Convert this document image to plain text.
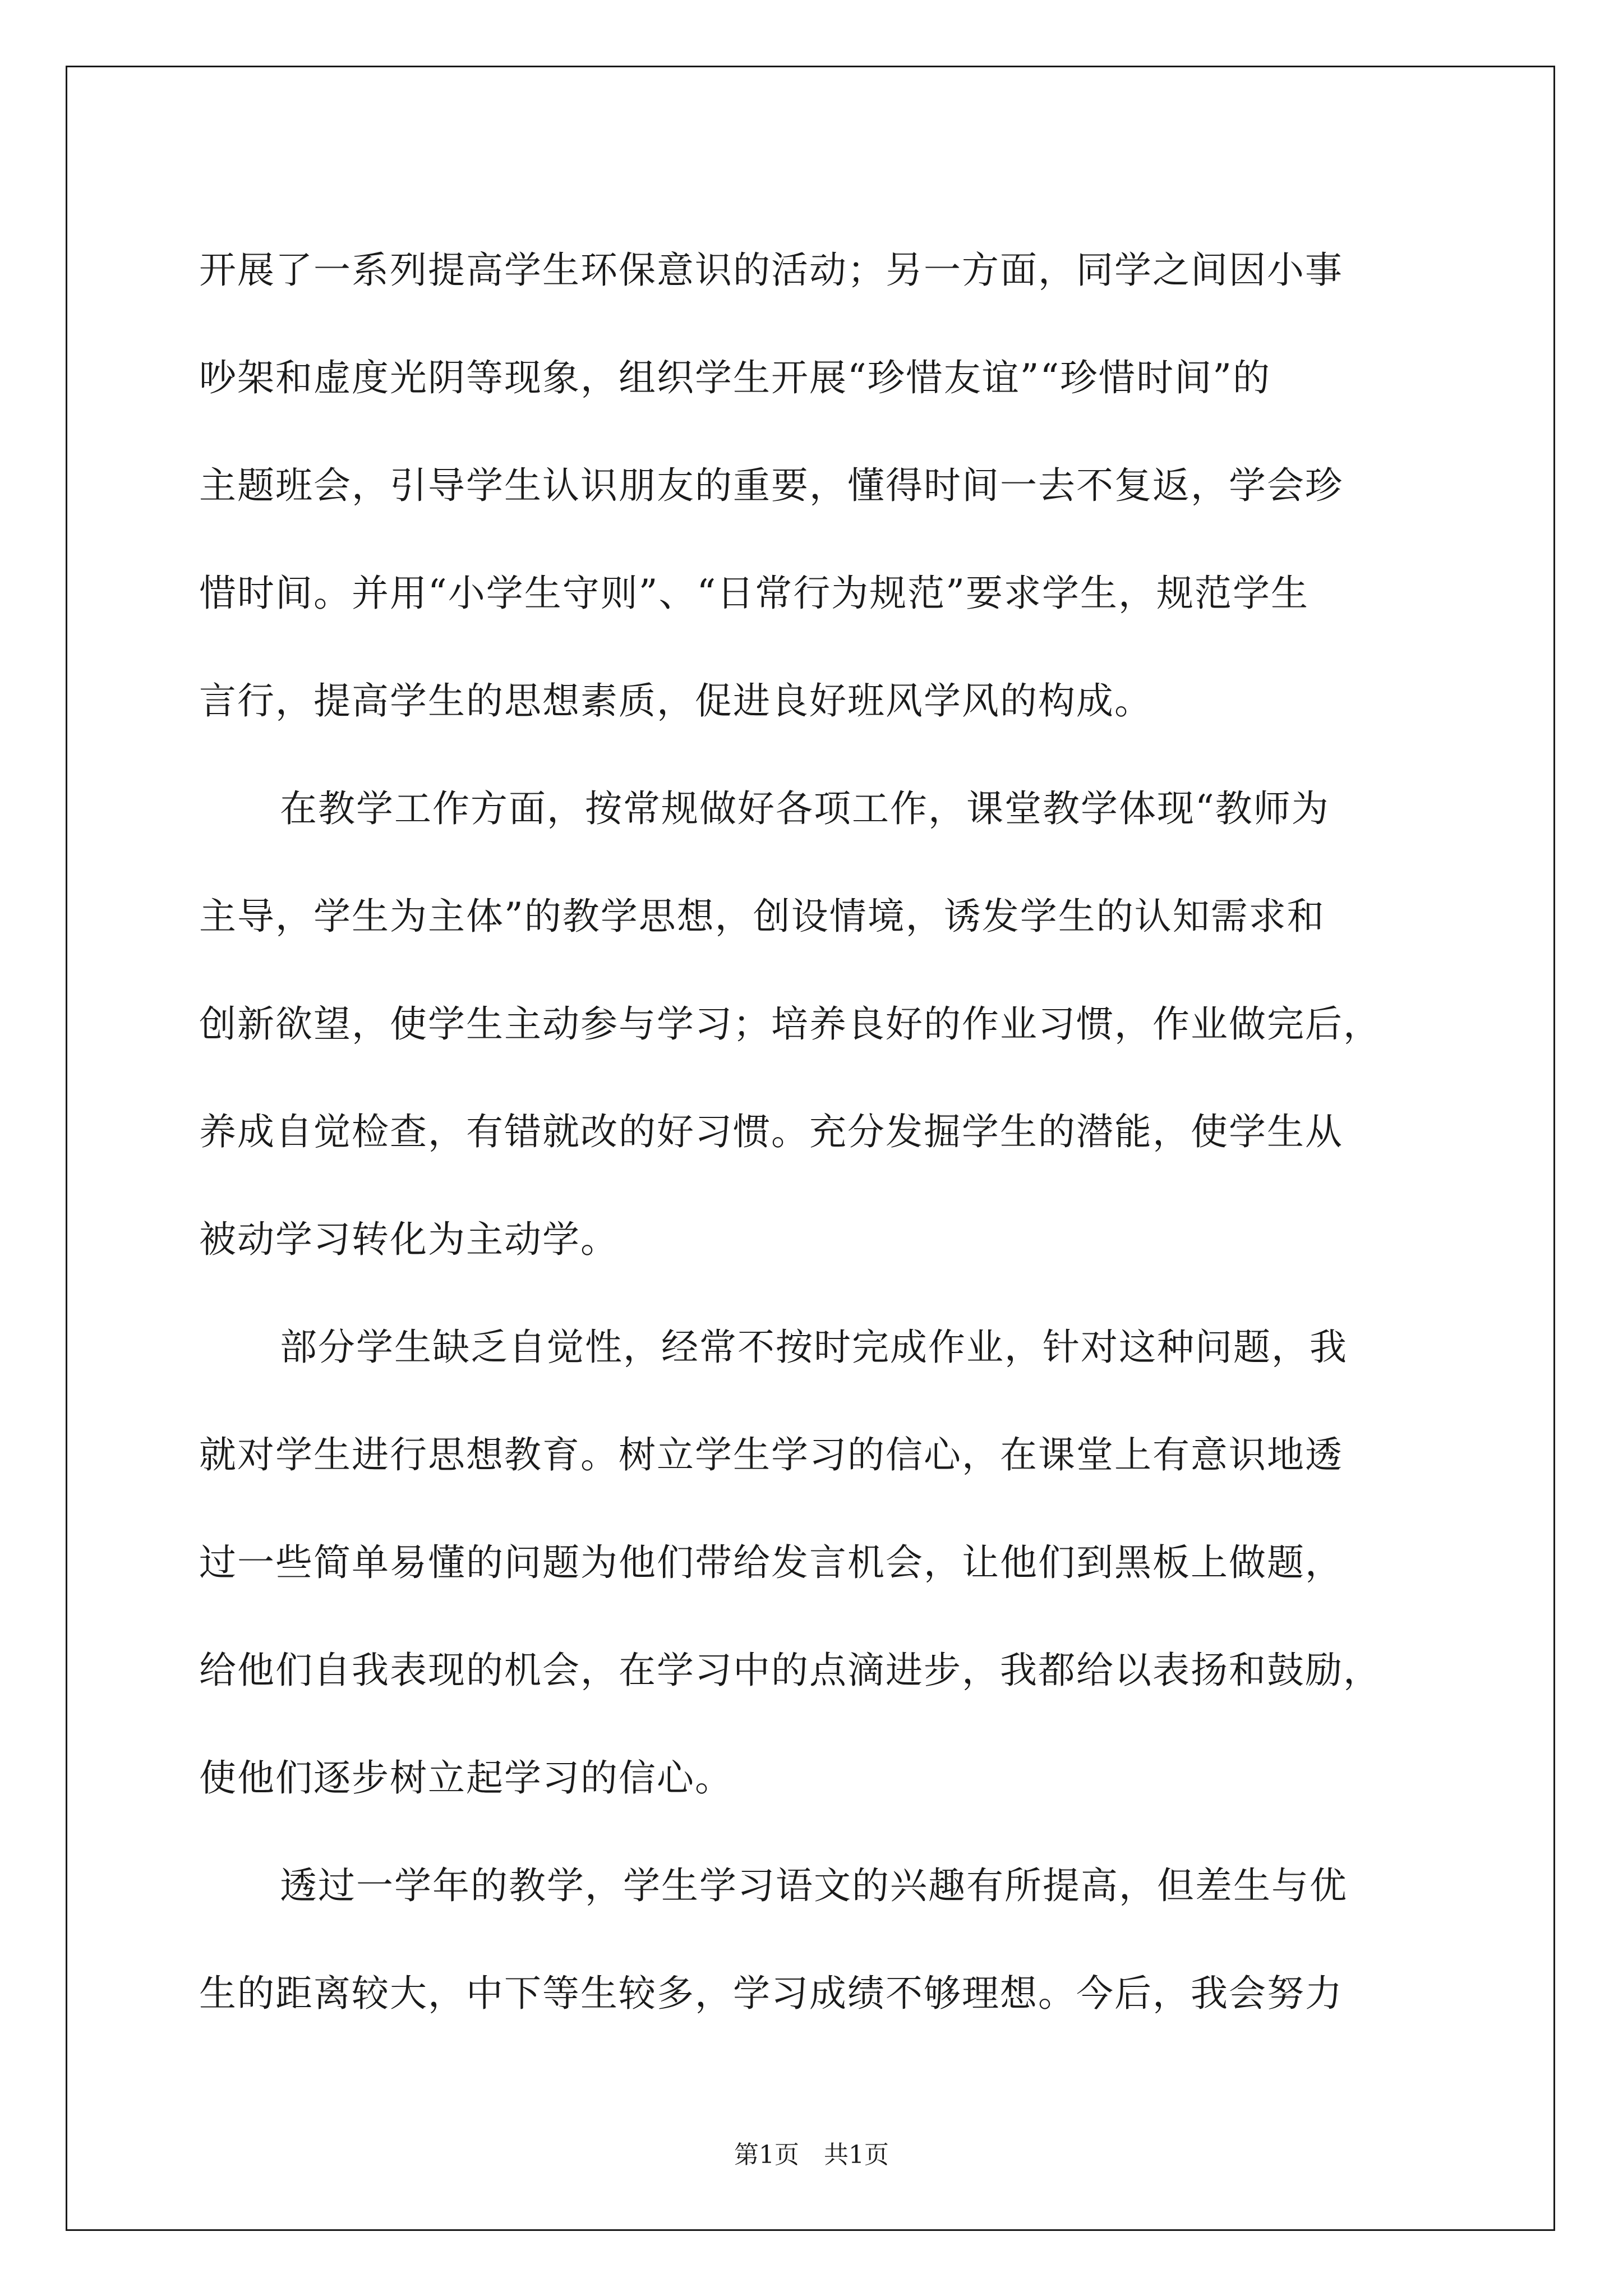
开展了一系列提高学生环保意识的活动；另一方面，同学之间因小事
吵架和虚度光阴等现象，组织学生开展“珍惜友谊”“珍惜时间”的
主题班会，引导学生认识朋友的重要，懂得时间一去不复返，学会珍
惜时间。并用“小学生守则”、“日常行为规范”要求学生，规范学生
言行，提高学生的思想素质，促进良好班风学风的构成。
在教学工作方面，按常规做好各项工作，课堂教学体现“教师为
主导，学生为主体”的教学思想，创设情境，诱发学生的认知需求和
创新欲望，使学生主动参与学习；培养良好的作业习惯，作业做完后，
养成自觉检查，有错就改的好习惯。充分发掘学生的潜能，使学生从
被动学习转化为主动学。
部分学生缺乏自觉性，经常不按时完成作业，针对这种问题，我
就对学生进行思想教育。树立学生学习的信心，在课堂上有意识地透
过一些简单易懂的问题为他们带给发言机会，让他们到黑板上做题，
给他们自我表现的机会，在学习中的点滴进步，我都给以表扬和鼓励，
使他们逐步树立起学习的信心。
透过一学年的教学，学生学习语文的兴趣有所提高，但差生与优
生的距离较大，中下等生较多，学习成绩不够理想。今后，我会努力
第1页　共1页
